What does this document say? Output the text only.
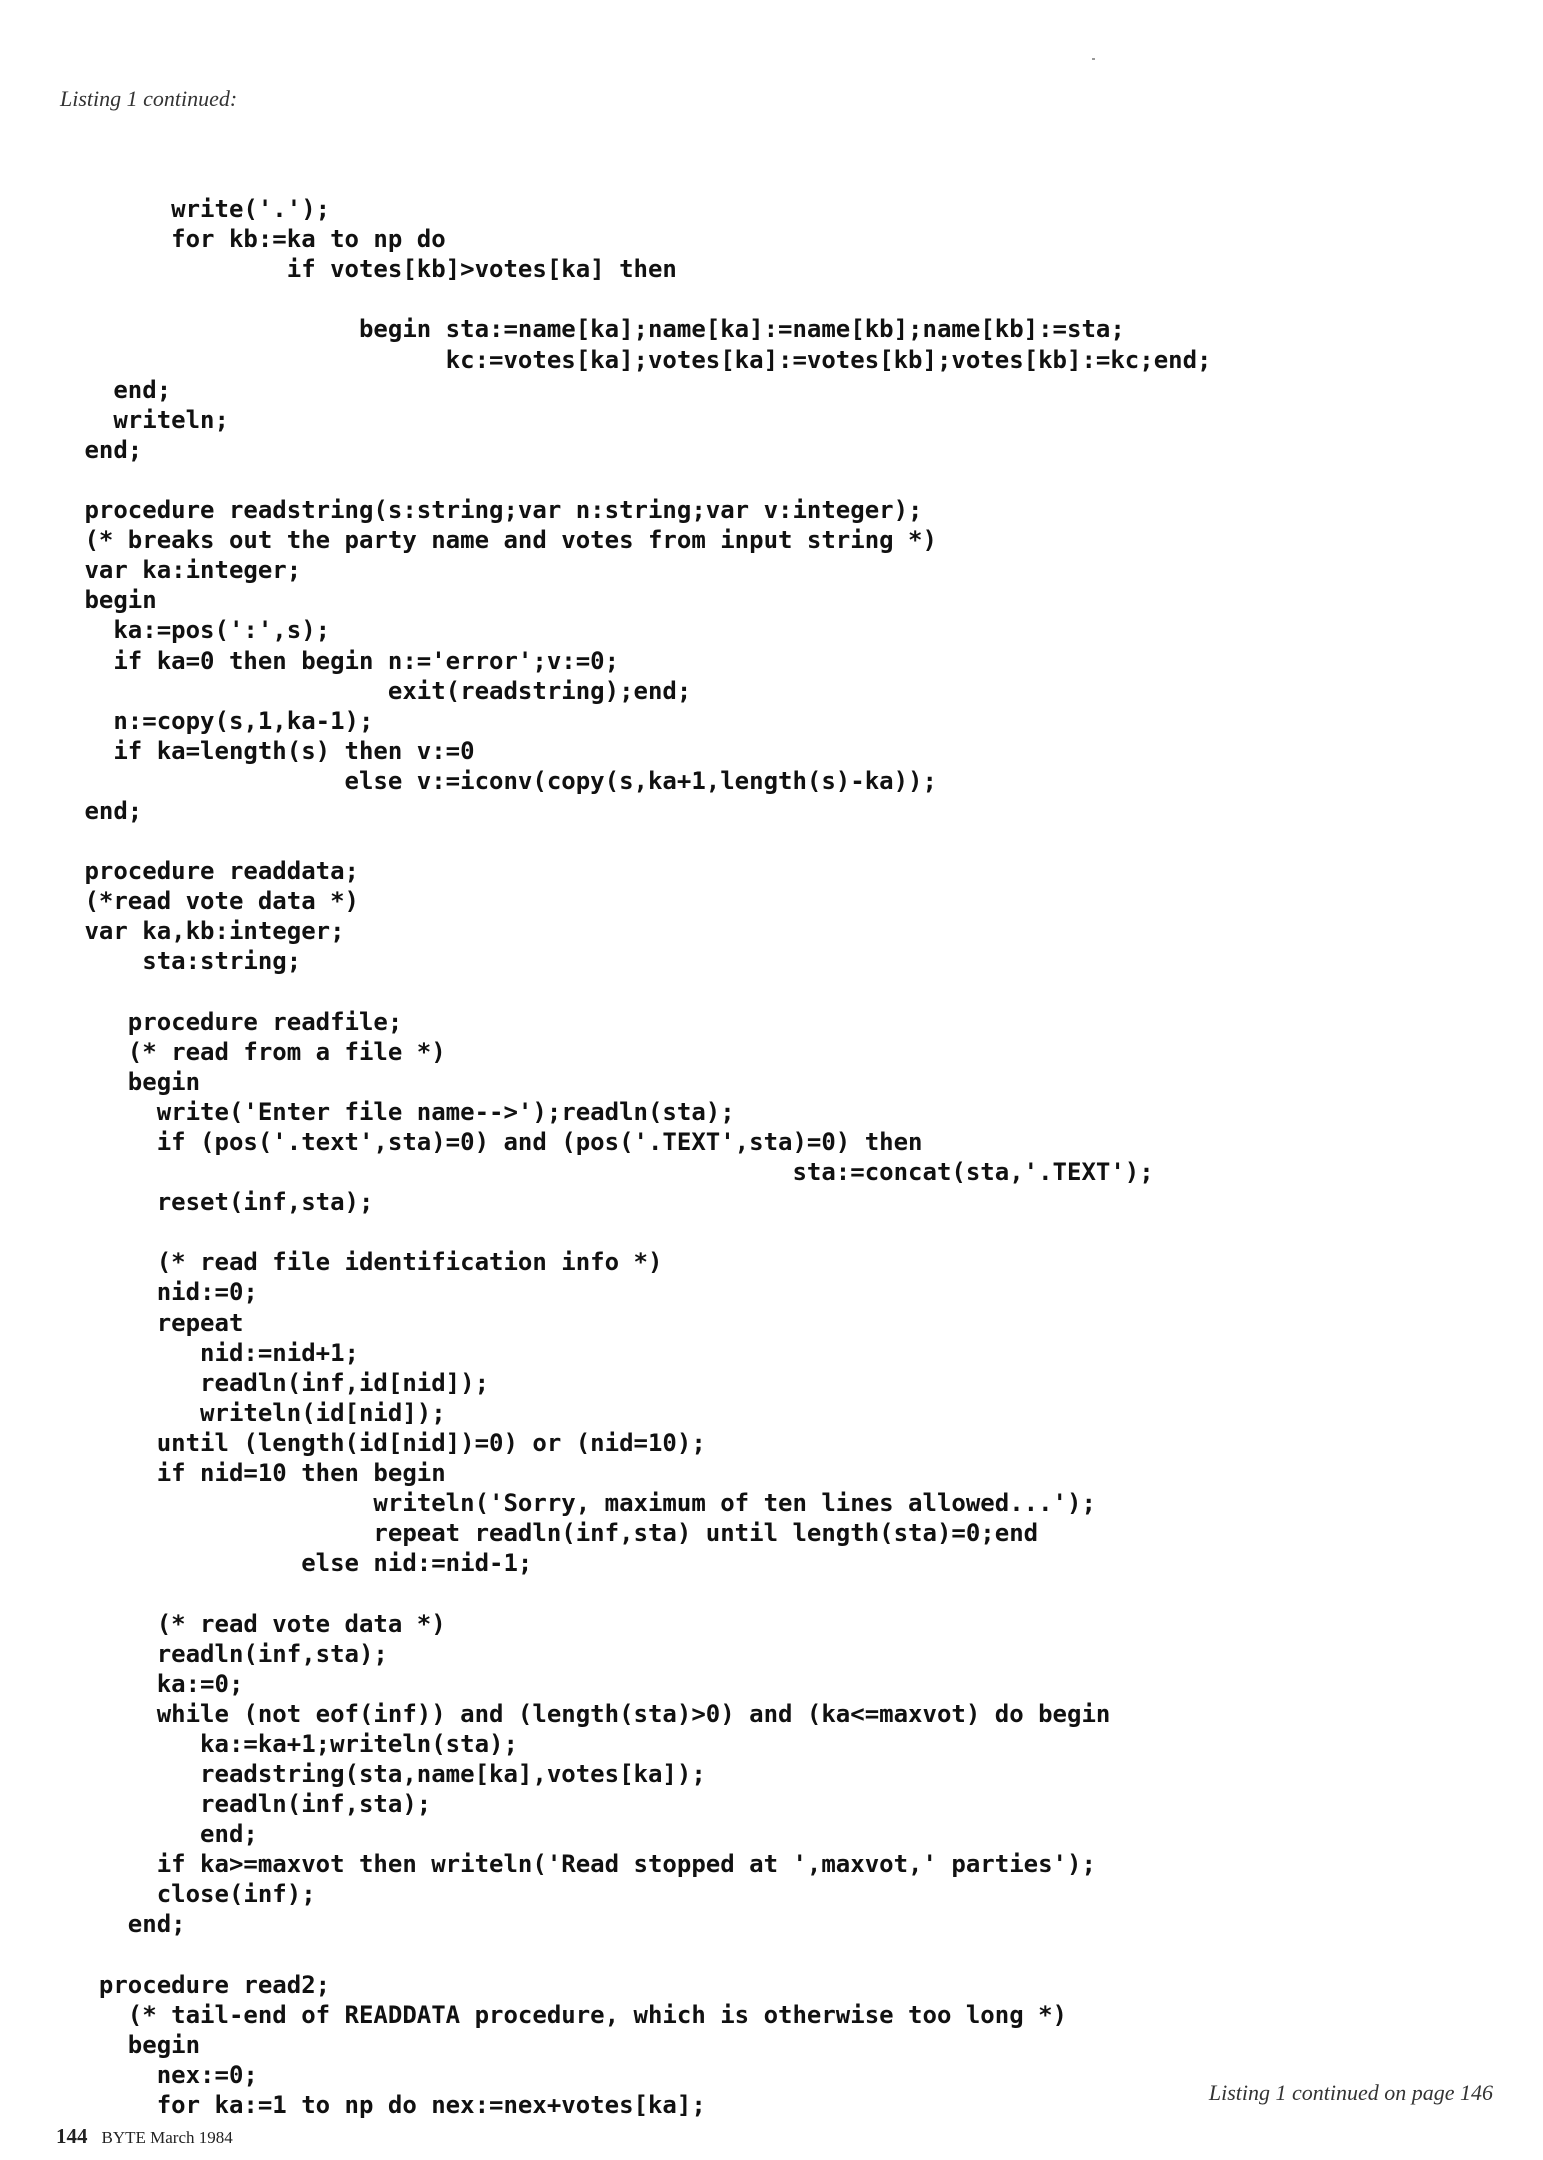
Listing 1 continued:
write('.');
for kb:=ka to np do
if votes[kb]>votes[ka] then
begin sta:=name[ka];name[ka]:=name[kb];name[kb]:=sta;
kc:=votes[ka];votes[ka]:=votes[kb];votes[kb]:=kc;end;
end;
writeln;
end;
procedure readstring(s:string;var n:string;var v:integer);
(* breaks out the party name and votes from input string *)
var ka:integer;
begin
ka:=pos(':',s);
if ka=0 then begin n:='error';v:=0;
exit(readstring);end;
n:=copy(s,1,ka-1);
if ka=length(s) then v:=0
else v:=iconv(copy(s,ka+1,length(s)-ka));
end;
procedure readdata;
(*read vote data *)
var ka,kb:integer;
sta:string;
procedure readfile;
(* read from a file *)
begin
write('Enter file name-->');readln(sta);
if (pos('.text',sta)=0) and (pos('.TEXT',sta)=0) then
sta:=concat(sta,'.TEXT');
reset(inf,sta);
(* read file identification info *)
nid:=0;
repeat
nid:=nid+1;
readln(inf,id[nid]);
writeln(id[nid]);
until (length(id[nid])=0) or (nid=10);
if nid=10 then begin
writeln('Sorry, maximum of ten lines allowed...');
repeat readln(inf,sta) until length(sta)=0;end
else nid:=nid-1;
(* read vote data *)
readln(inf,sta);
ka:=0;
while (not eof(inf)) and (length(sta)>0) and (ka<=maxvot) do begin
ka:=ka+1;writeln(sta);
readstring(sta,name[ka],votes[ka]);
readln(inf,sta);
end;
if ka>=maxvot then writeln('Read stopped at ',maxvot,' parties');
close(inf);
end;
procedure read2;
(* tail-end of READDATA procedure, which is otherwise too long *)
begin
nex:=0;
for ka:=1 to np do nex:=nex+votes[ka];	Listing 1 continued on page 146
144 BYTE March 1984
